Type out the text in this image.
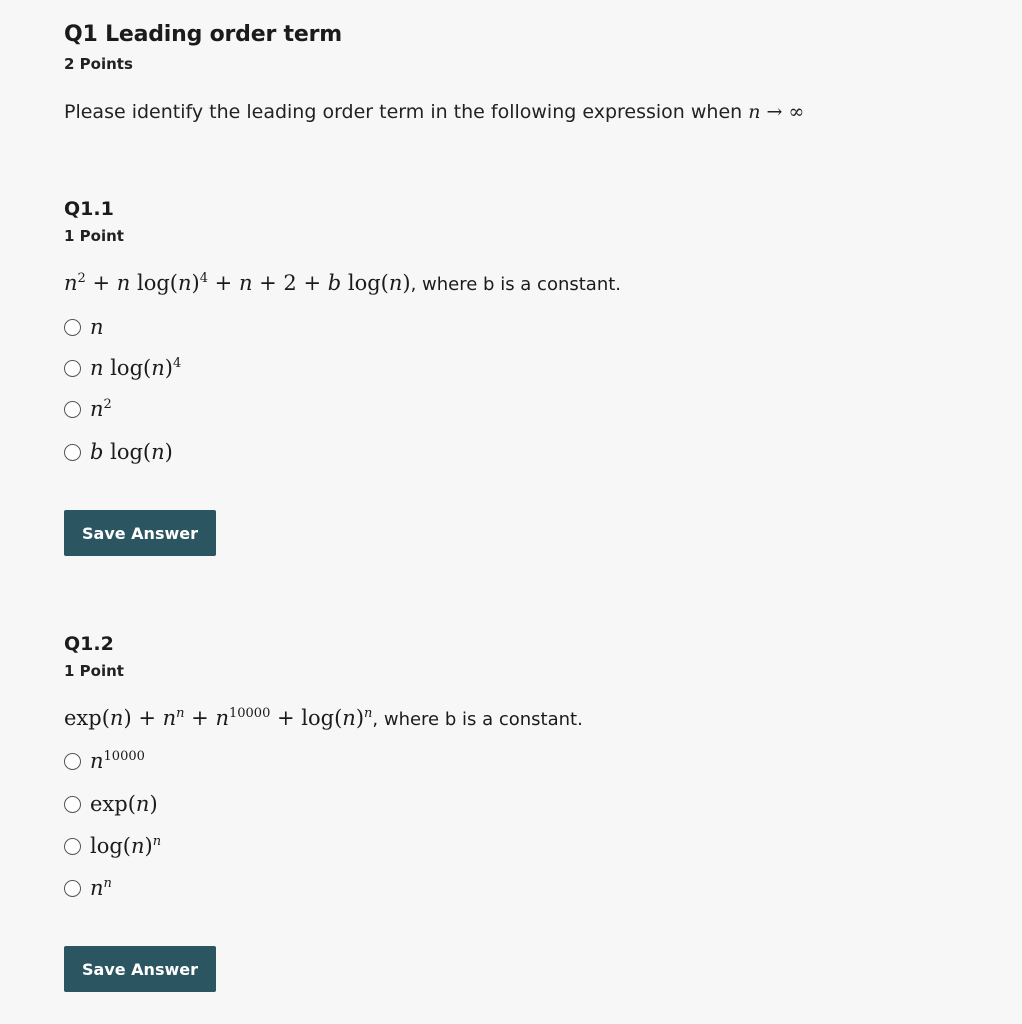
Q1 Leading order term
2 Points
Please identify the leading order term in the following expression when n → ∞
Q1.1
1 Point
$n^2 + n$ $\log(n)^4 + n + 2 + b$ log(n), where b is a constant.
n
n $\log(n)^4$
$n^2$
b log(n)
Save Answer
Q1.2
1 Point
$\exp(n) + n^n + n^{10000} + \log(n)^n$, where b is a constant.
$n^{10000}$
exp(n)
$\log(n)^n$
$n^n$
Save Answer
